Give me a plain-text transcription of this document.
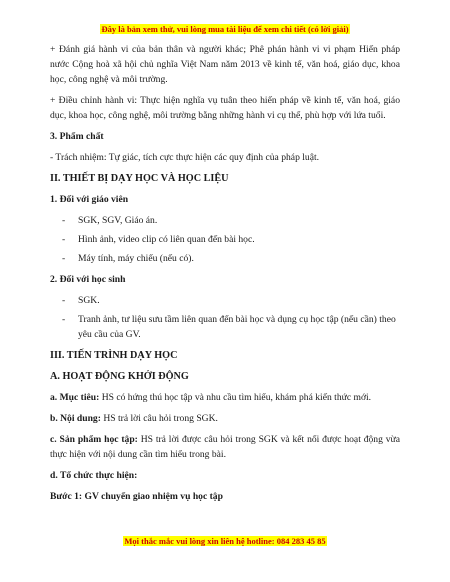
Đây là bản xem thử, vui lòng mua tài liệu để xem chi tiết (có lời giải)

+ Đánh giá hành vi của bản thân và người khác; Phê phán hành vi vi phạm Hiến pháp nước Cộng hoà xã hội chủ nghĩa Việt Nam năm 2013 về kinh tế, văn hoá, giáo dục, khoa học, công nghệ và môi trường.

+ Điều chỉnh hành vi: Thực hiện nghĩa vụ tuân theo hiến pháp về kinh tế, văn hoá, giáo dục, khoa học, công nghệ, môi trường bằng những hành vi cụ thể, phù hợp với lứa tuổi.

3. Phẩm chất

- Trách nhiệm: Tự giác, tích cực thực hiện các quy định của pháp luật.

II. THIẾT BỊ DẠY HỌC VÀ HỌC LIỆU

1. Đối với giáo viên

- SGK, SGV, Giáo án.
- Hình ảnh, video clip có liên quan đến bài học.
- Máy tính, máy chiếu (nếu có).

2. Đối với học sinh

- SGK.
- Tranh ảnh, tư liệu sưu tầm liên quan đến bài học và dụng cụ học tập (nếu cần) theo yêu cầu của GV.

III. TIẾN TRÌNH DẠY HỌC

A. HOẠT ĐỘNG KHỞI ĐỘNG

a. Mục tiêu: HS có hứng thú học tập và nhu cầu tìm hiểu, khám phá kiến thức mới.

b. Nội dung: HS trả lời câu hỏi trong SGK.

c. Sản phẩm học tập: HS trả lời được câu hỏi trong SGK và kết nối được hoạt động vừa thực hiện với nội dung cần tìm hiểu trong bài.

d. Tổ chức thực hiện:

Bước 1: GV chuyển giao nhiệm vụ học tập

Mọi thắc mắc vui lòng xin liên hệ hotline: 084 283 45 85
